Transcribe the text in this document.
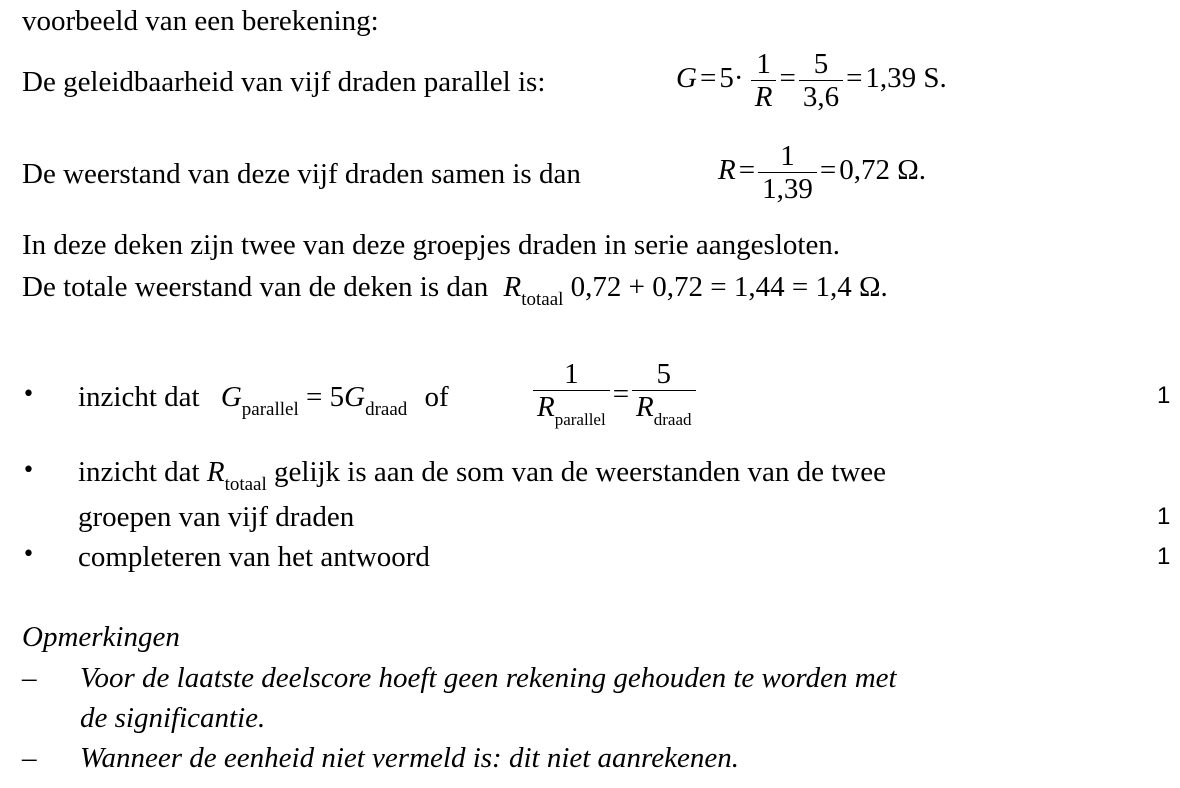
voorbeeld van een berekening:
De geleidbaarheid van vijf draden parallel is:	$G = 5\cdot \frac{1}{R} = \frac{5}{3,6} = 1,39$ S.
De weerstand van deze vijf draden samen is dan	$R = \frac{1}{1,39} = 0,72$ Ω.
In deze deken zijn twee van deze groepjes draden in serie aangesloten.
De totale weerstand van de deken is dan $R_{totaal}$ 0,72 + 0,72 = 1,44 = 1,4 Ω.
• inzicht dat $G_{parallel} = 5G_{draad}$ of	$\frac{1}{R_{parallel}} = \frac{5}{R_{draad}}$	1
• inzicht dat $R_{totaal}$ gelijk is aan de som van de weerstanden van de twee
groepen van vijf draden	1
• completeren van het antwoord	1
Opmerkingen
– Voor de laatste deelscore hoeft geen rekening gehouden te worden met
de significantie.
– Wanneer de eenheid niet vermeld is: dit niet aanrekenen.
